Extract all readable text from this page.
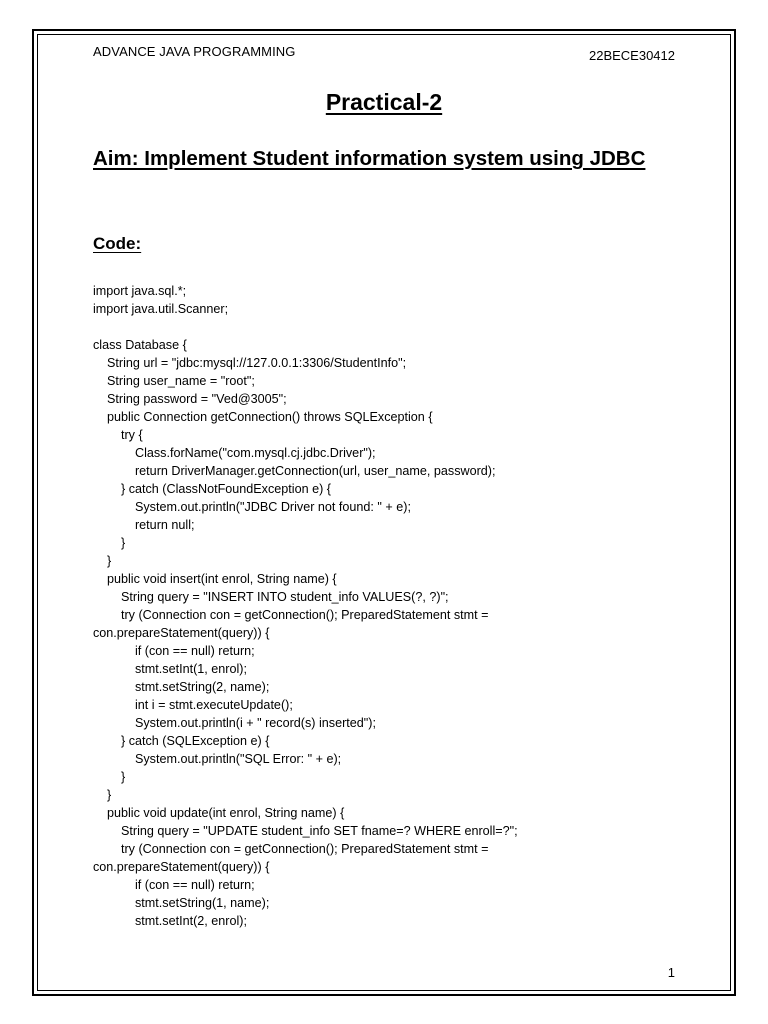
ADVANCE JAVA PROGRAMMING	22BECE30412
Practical-2
Aim: Implement Student information system using JDBC
Code:
import java.sql.*;
import java.util.Scanner;

class Database {
String url = "jdbc:mysql://127.0.0.1:3306/StudentInfo";
String user_name = "root";
String password = "Ved@3005";
public Connection getConnection() throws SQLException {
try {
Class.forName("com.mysql.cj.jdbc.Driver");
return DriverManager.getConnection(url, user_name, password);
} catch (ClassNotFoundException e) {
System.out.println("JDBC Driver not found: " + e);
return null;
}
}
public void insert(int enrol, String name) {
String query = "INSERT INTO student_info VALUES(?, ?)";
try (Connection con = getConnection(); PreparedStatement stmt =
con.prepareStatement(query)) {
if (con == null) return;
stmt.setInt(1, enrol);
stmt.setString(2, name);
int i = stmt.executeUpdate();
System.out.println(i + " record(s) inserted");
} catch (SQLException e) {
System.out.println("SQL Error: " + e);
}
}
public void update(int enrol, String name) {
String query = "UPDATE student_info SET fname=? WHERE enroll=?";
try (Connection con = getConnection(); PreparedStatement stmt =
con.prepareStatement(query)) {
if (con == null) return;
stmt.setString(1, name);
stmt.setInt(2, enrol);
1
